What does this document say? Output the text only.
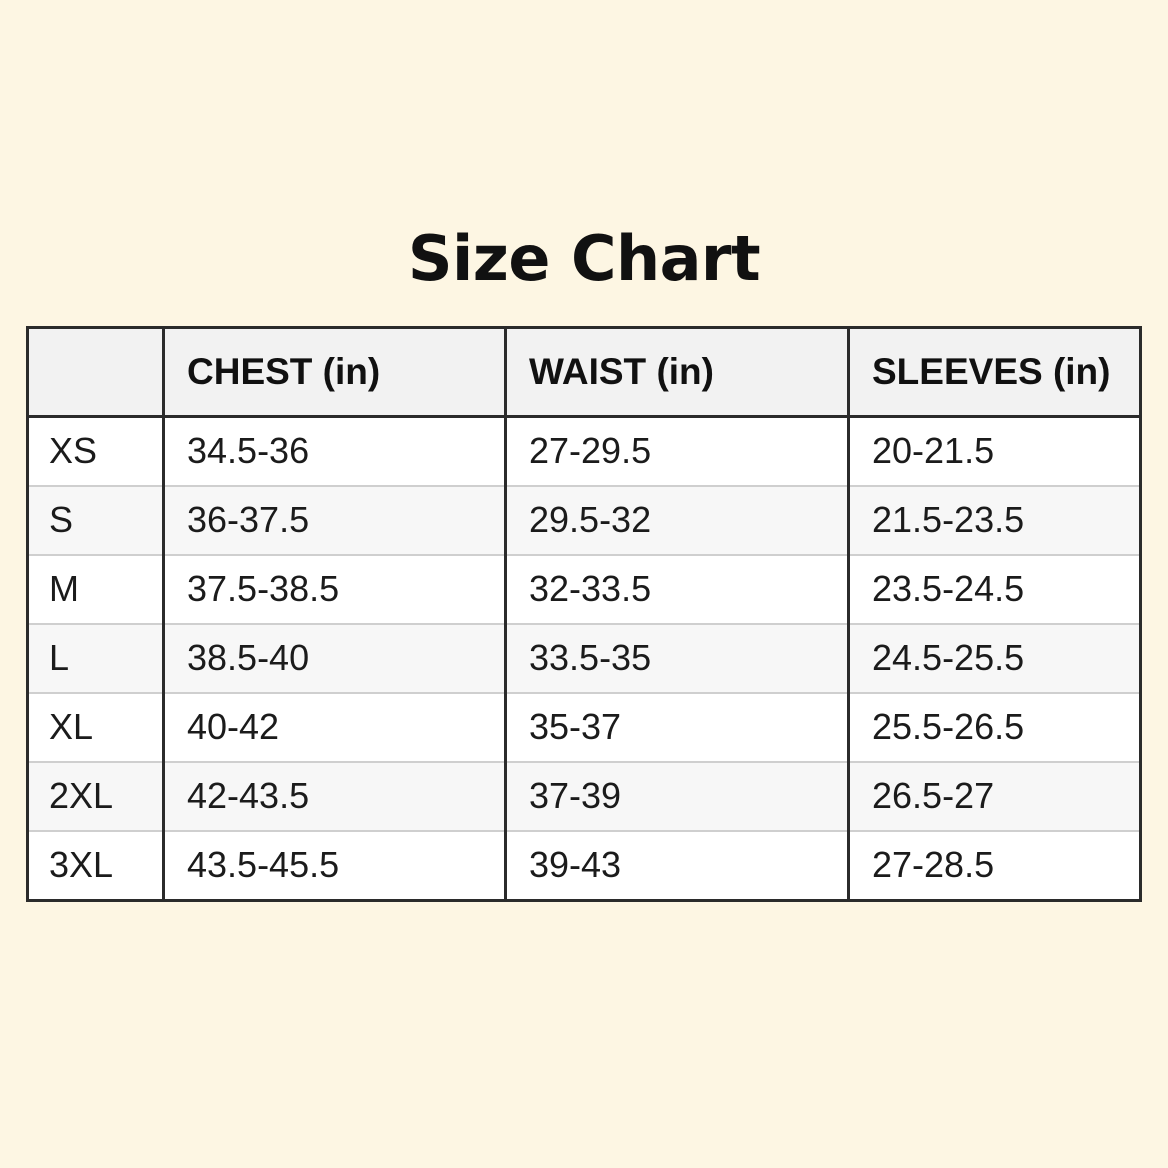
Size Chart
	CHEST (in)	WAIST (in)	SLEEVES (in)
XS	34.5-36	27-29.5	20-21.5
S	36-37.5	29.5-32	21.5-23.5
M	37.5-38.5	32-33.5	23.5-24.5
L	38.5-40	33.5-35	24.5-25.5
XL	40-42	35-37	25.5-26.5
2XL	42-43.5	37-39	26.5-27
3XL	43.5-45.5	39-43	27-28.5
